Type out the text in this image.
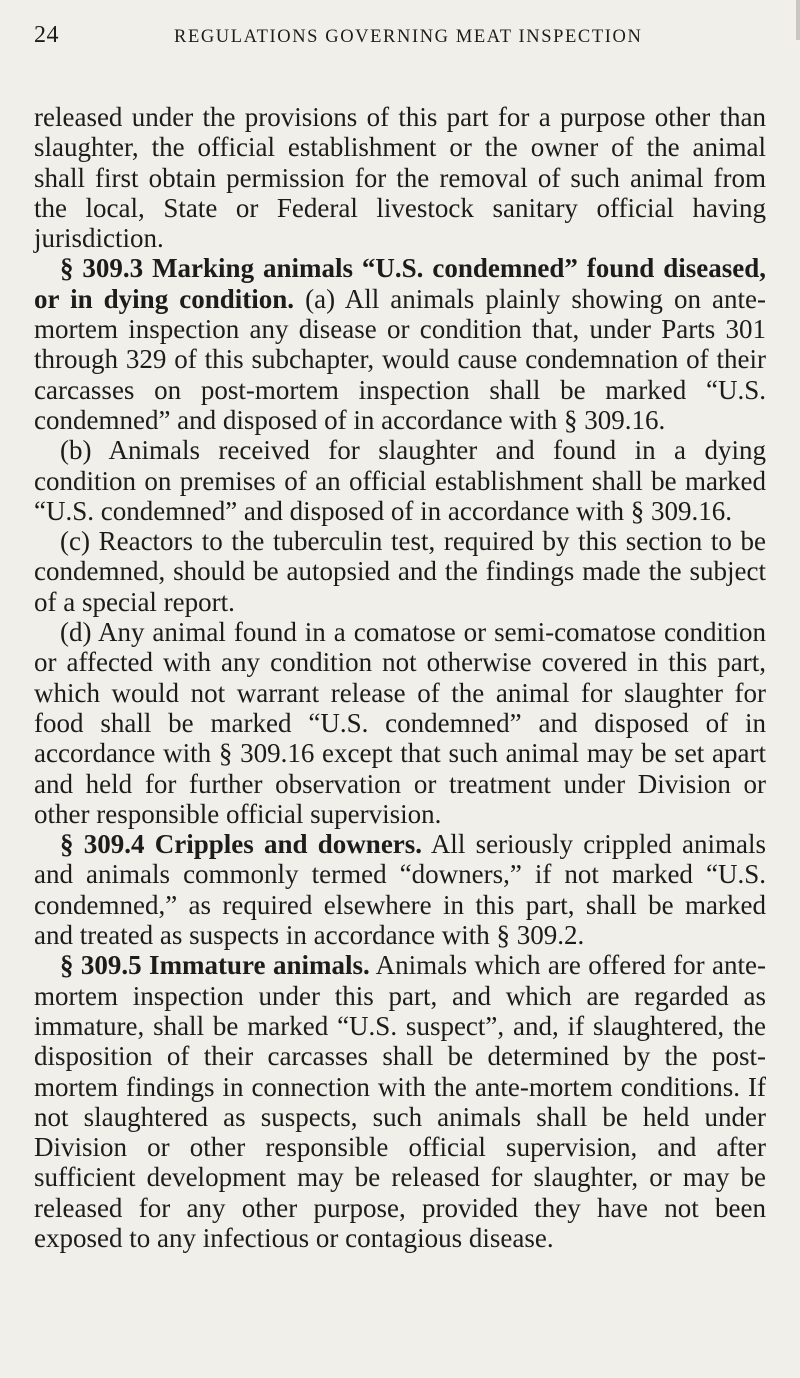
24	REGULATIONS GOVERNING MEAT INSPECTION

released under the provisions of this part for a purpose other than slaughter, the official establishment or the owner of the animal shall first obtain permission for the removal of such animal from the local, State or Federal livestock sanitary official having jurisdiction.

§ 309.3 Marking animals “U.S. condemned” found diseased, or in dying condition. (a) All animals plainly showing on ante-mortem inspection any disease or condition that, under Parts 301 through 329 of this subchapter, would cause condemnation of their carcasses on post-mortem inspection shall be marked “U.S. condemned” and disposed of in accordance with § 309.16.

(b) Animals received for slaughter and found in a dying condition on premises of an official establishment shall be marked “U.S. condemned” and disposed of in accordance with § 309.16.

(c) Reactors to the tuberculin test, required by this section to be condemned, should be autopsied and the findings made the subject of a special report.

(d) Any animal found in a comatose or semi-comatose condition or affected with any condition not otherwise covered in this part, which would not warrant release of the animal for slaughter for food shall be marked “U.S. condemned” and disposed of in accordance with § 309.16 except that such animal may be set apart and held for further observation or treatment under Division or other responsible official supervision.

§ 309.4 Cripples and downers. All seriously crippled animals and animals commonly termed “downers,” if not marked “U.S. condemned,” as required elsewhere in this part, shall be marked and treated as suspects in accordance with § 309.2.

§ 309.5 Immature animals. Animals which are offered for ante-mortem inspection under this part, and which are regarded as immature, shall be marked “U.S. suspect”, and, if slaughtered, the disposition of their carcasses shall be determined by the post-mortem findings in connection with the ante-mortem conditions. If not slaughtered as suspects, such animals shall be held under Division or other responsible official supervision, and after sufficient development may be released for slaughter, or may be released for any other purpose, provided they have not been exposed to any infectious or contagious disease.
